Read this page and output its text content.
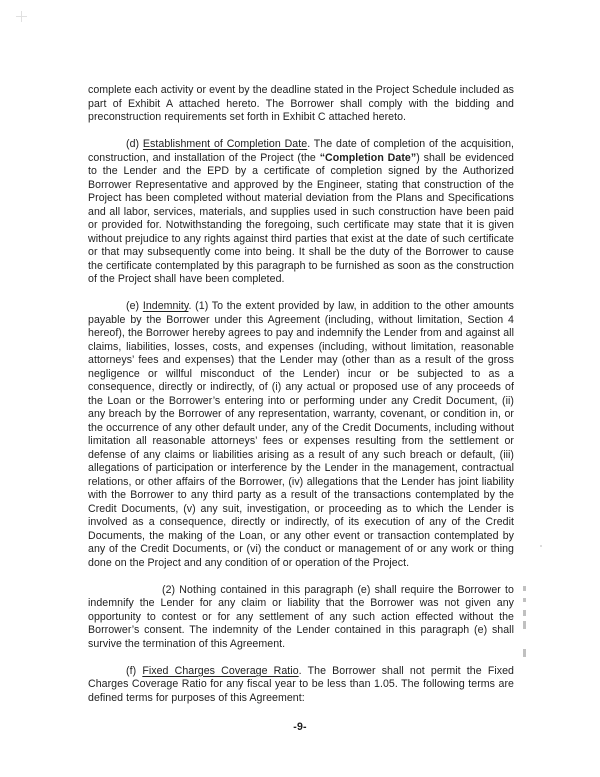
complete each activity or event by the deadline stated in the Project Schedule included as part of Exhibit A attached hereto. The Borrower shall comply with the bidding and preconstruction requirements set forth in Exhibit C attached hereto.

(d) Establishment of Completion Date. The date of completion of the acquisition, construction, and installation of the Project (the “Completion Date”) shall be evidenced to the Lender and the EPD by a certificate of completion signed by the Authorized Borrower Representative and approved by the Engineer, stating that construction of the Project has been completed without material deviation from the Plans and Specifications and all labor, services, materials, and supplies used in such construction have been paid or provided for. Notwithstanding the foregoing, such certificate may state that it is given without prejudice to any rights against third parties that exist at the date of such certificate or that may subsequently come into being. It shall be the duty of the Borrower to cause the certificate contemplated by this paragraph to be furnished as soon as the construction of the Project shall have been completed.

(e) Indemnity. (1) To the extent provided by law, in addition to the other amounts payable by the Borrower under this Agreement (including, without limitation, Section 4 hereof), the Borrower hereby agrees to pay and indemnify the Lender from and against all claims, liabilities, losses, costs, and expenses (including, without limitation, reasonable attorneys’ fees and expenses) that the Lender may (other than as a result of the gross negligence or willful misconduct of the Lender) incur or be subjected to as a consequence, directly or indirectly, of (i) any actual or proposed use of any proceeds of the Loan or the Borrower’s entering into or performing under any Credit Document, (ii) any breach by the Borrower of any representation, warranty, covenant, or condition in, or the occurrence of any other default under, any of the Credit Documents, including without limitation all reasonable attorneys’ fees or expenses resulting from the settlement or defense of any claims or liabilities arising as a result of any such breach or default, (iii) allegations of participation or interference by the Lender in the management, contractual relations, or other affairs of the Borrower, (iv) allegations that the Lender has joint liability with the Borrower to any third party as a result of the transactions contemplated by the Credit Documents, (v) any suit, investigation, or proceeding as to which the Lender is involved as a consequence, directly or indirectly, of its execution of any of the Credit Documents, the making of the Loan, or any other event or transaction contemplated by any of the Credit Documents, or (vi) the conduct or management of or any work or thing done on the Project and any condition of or operation of the Project.

(2) Nothing contained in this paragraph (e) shall require the Borrower to indemnify the Lender for any claim or liability that the Borrower was not given any opportunity to contest or for any settlement of any such action effected without the Borrower’s consent. The indemnity of the Lender contained in this paragraph (e) shall survive the termination of this Agreement.

(f) Fixed Charges Coverage Ratio. The Borrower shall not permit the Fixed Charges Coverage Ratio for any fiscal year to be less than 1.05. The following terms are defined terms for purposes of this Agreement:

-9-
